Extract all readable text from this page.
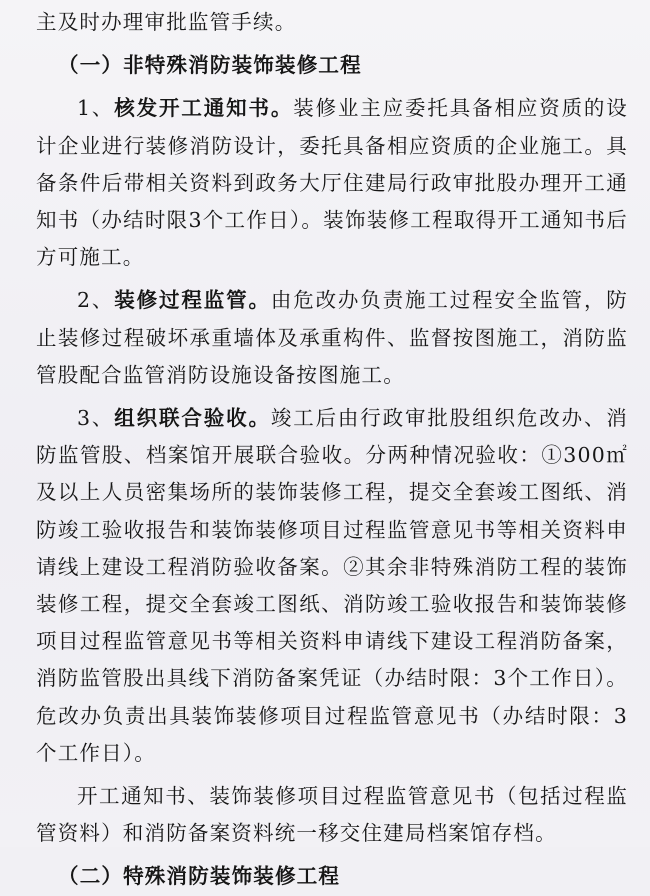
主及时办理审批监管手续。

（一）非特殊消防装饰装修工程

1、核发开工通知书。装修业主应委托具备相应资质的设计企业进行装修消防设计，委托具备相应资质的企业施工。具备条件后带相关资料到政务大厅住建局行政审批股办理开工通知书（办结时限3个工作日）。装饰装修工程取得开工通知书后方可施工。

2、装修过程监管。由危改办负责施工过程安全监管，防止装修过程破坏承重墙体及承重构件、监督按图施工，消防监管股配合监管消防设施设备按图施工。

3、组织联合验收。竣工后由行政审批股组织危改办、消防监管股、档案馆开展联合验收。分两种情况验收：①300㎡及以上人员密集场所的装饰装修工程，提交全套竣工图纸、消防竣工验收报告和装饰装修项目过程监管意见书等相关资料申请线上建设工程消防验收备案。②其余非特殊消防工程的装饰装修工程，提交全套竣工图纸、消防竣工验收报告和装饰装修项目过程监管意见书等相关资料申请线下建设工程消防备案，消防监管股出具线下消防备案凭证（办结时限：3个工作日）。危改办负责出具装饰装修项目过程监管意见书（办结时限：3个工作日）。

开工通知书、装饰装修项目过程监管意见书（包括过程监管资料）和消防备案资料统一移交住建局档案馆存档。

（二）特殊消防装饰装修工程
